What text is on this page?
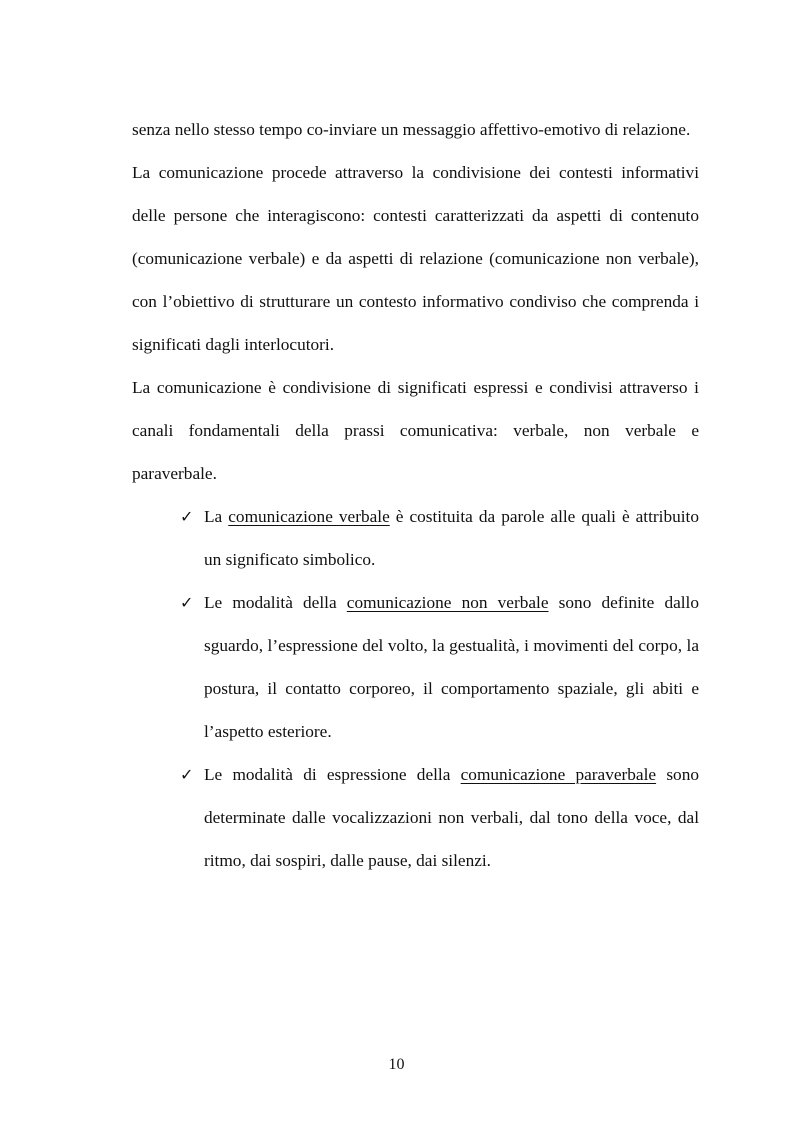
senza nello stesso tempo co-inviare un messaggio affettivo-emotivo di relazione.

La comunicazione procede attraverso la condivisione dei contesti informativi delle persone che interagiscono: contesti caratterizzati da aspetti di contenuto (comunicazione verbale) e da aspetti di relazione (comunicazione non verbale), con l’obiettivo di strutturare un contesto informativo condiviso che comprenda i significati dagli interlocutori.

La comunicazione è condivisione di significati espressi e condivisi attraverso i canali fondamentali della prassi comunicativa: verbale, non verbale e paraverbale.

✓ La comunicazione verbale è costituita da parole alle quali è attribuito un significato simbolico.
✓ Le modalità della comunicazione non verbale sono definite dallo sguardo, l’espressione del volto, la gestualità, i movimenti del corpo, la postura, il contatto corporeo, il comportamento spaziale, gli abiti e l’aspetto esteriore.
✓ Le modalità di espressione della comunicazione paraverbale sono determinate dalle vocalizzazioni non verbali, dal tono della voce, dal ritmo, dai sospiri, dalle pause, dai silenzi.
10
